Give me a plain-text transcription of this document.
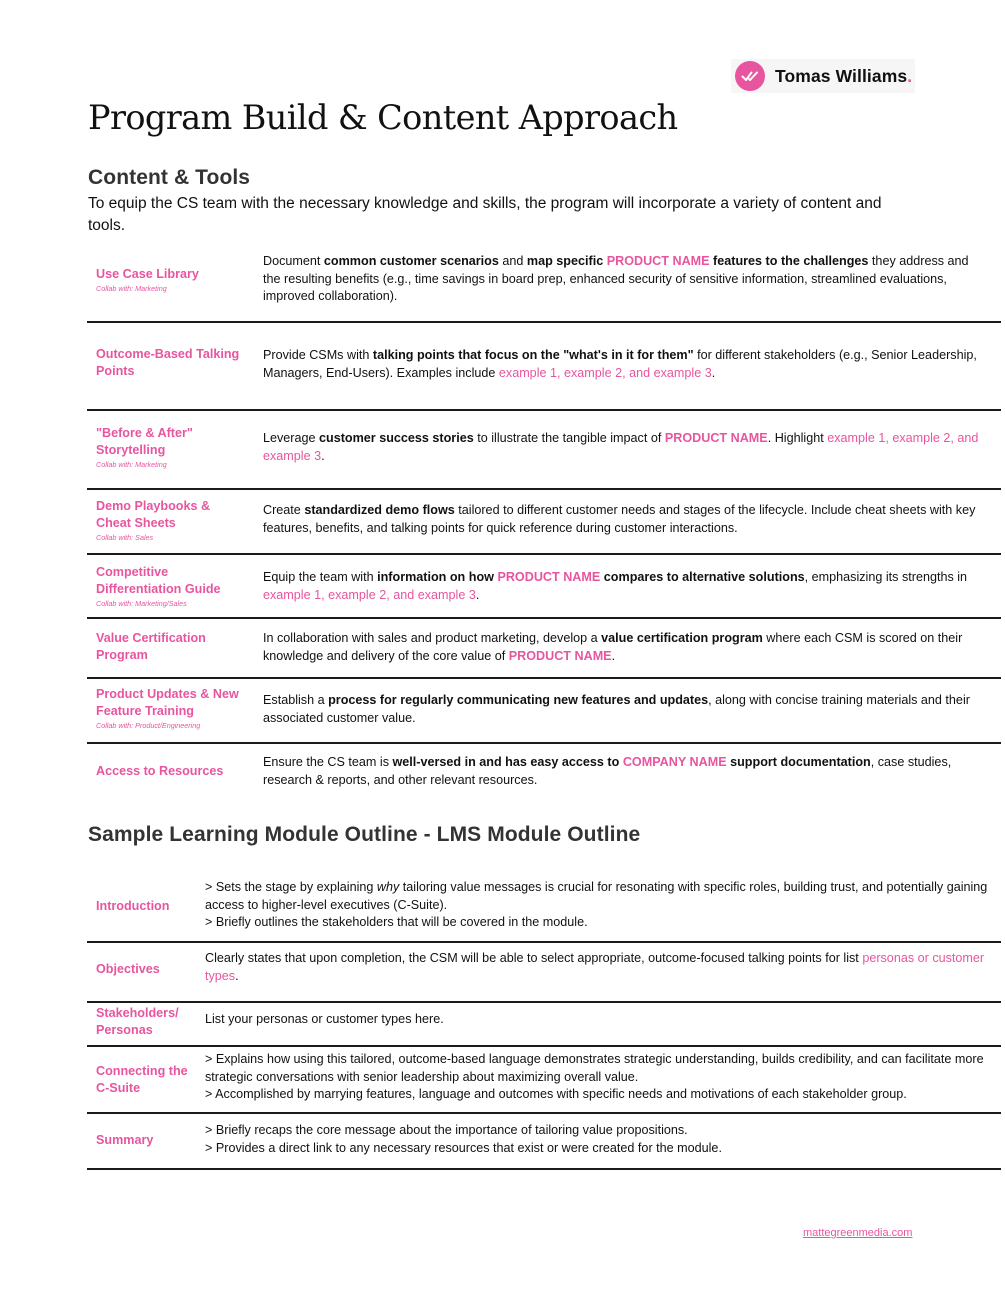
Tomas Williams.
Program Build & Content Approach
Content & Tools

To equip the CS team with the necessary knowledge and skills, the program will incorporate a variety of content and tools.

Use Case Library
Collab with: Marketing
Document common customer scenarios and map specific PRODUCT NAME features to the challenges they address and the resulting benefits (e.g., time savings in board prep, enhanced security of sensitive information, streamlined evaluations, improved collaboration).
Outcome-Based Talking Points
Provide CSMs with talking points that focus on the "what's in it for them" for different stakeholders (e.g., Senior Leadership, Managers, End-Users). Examples include example 1, example 2, and example 3.
"Before & After" Storytelling
Collab with: Marketing
Leverage customer success stories to illustrate the tangible impact of PRODUCT NAME. Highlight example 1, example 2, and example 3.
Demo Playbooks & Cheat Sheets
Collab with: Sales
Create standardized demo flows tailored to different customer needs and stages of the lifecycle. Include cheat sheets with key features, benefits, and talking points for quick reference during customer interactions.
Competitive Differentiation Guide
Collab with: Marketing/Sales
Equip the team with information on how PRODUCT NAME compares to alternative solutions, emphasizing its strengths in example 1, example 2, and example 3.
Value Certification Program
In collaboration with sales and product marketing, develop a value certification program where each CSM is scored on their knowledge and delivery of the core value of PRODUCT NAME.
Product Updates & New Feature Training
Collab with: Product/Engineering
Establish a process for regularly communicating new features and updates, along with concise training materials and their associated customer value.
Access to Resources
Ensure the CS team is well-versed in and has easy access to COMPANY NAME support documentation, case studies, research & reports, and other relevant resources.
Sample Learning Module Outline - LMS Module Outline
Introduction
> Sets the stage by explaining why tailoring value messages is crucial for resonating with specific roles, building trust, and potentially gaining access to higher-level executives (C-Suite).
> Briefly outlines the stakeholders that will be covered in the module.
Objectives
Clearly states that upon completion, the CSM will be able to select appropriate, outcome-focused talking points for list personas or customer types.
Stakeholders/ Personas
List your personas or customer types here.
Connecting the C-Suite
> Explains how using this tailored, outcome-based language demonstrates strategic understanding, builds credibility, and can facilitate more strategic conversations with senior leadership about maximizing overall value.
> Accomplished by marrying features, language and outcomes with specific needs and motivations of each stakeholder group.
Summary
> Briefly recaps the core message about the importance of tailoring value propositions.
> Provides a direct link to any necessary resources that exist or were created for the module.
mattegreenmedia.com
